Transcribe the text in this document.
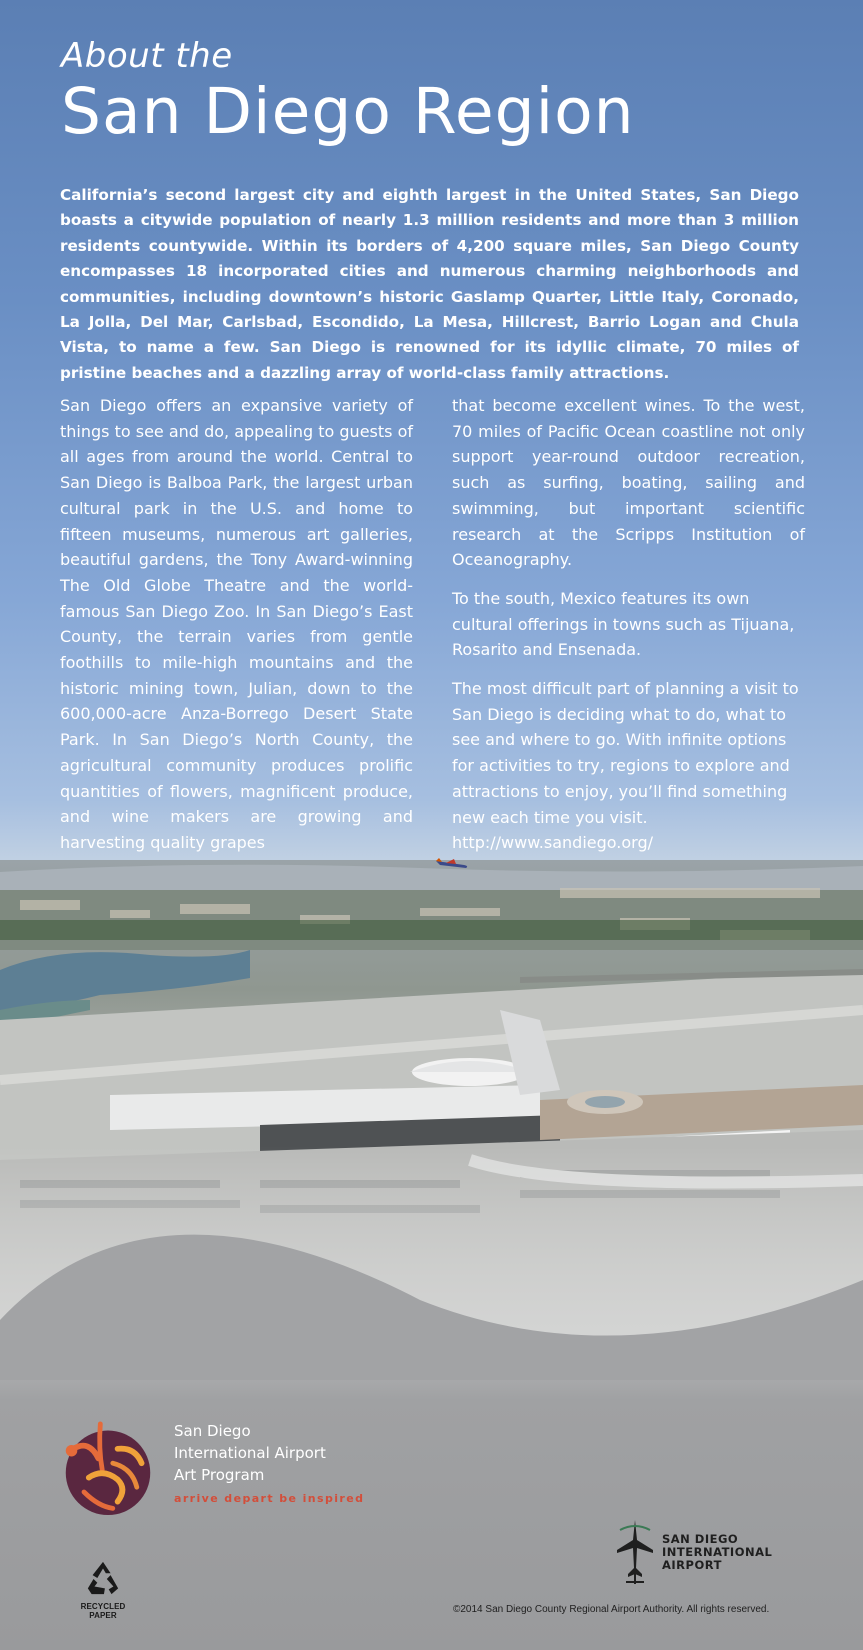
About the
San Diego Region
California’s second largest city and eighth largest in the United States, San Diego boasts a citywide population of nearly 1.3 million residents and more than 3 million residents countywide. Within its borders of 4,200 square miles, San Diego County encompasses 18 incorporated cities and numerous charming neighborhoods and communities, including downtown’s historic Gaslamp Quarter, Little Italy, Coronado, La Jolla, Del Mar, Carlsbad, Escondido, La Mesa, Hillcrest, Barrio Logan and Chula Vista, to name a few. San Diego is renowned for its idyllic climate, 70 miles of pristine beaches and a dazzling array of world-class family attractions.

San Diego offers an expansive variety of things to see and do, appealing to guests of all ages from around the world. Central to San Diego is Balboa Park, the largest urban cultural park in the U.S. and home to fifteen museums, numerous art galleries, beautiful gardens, the Tony Award-winning The Old Globe Theatre and the world-famous San Diego Zoo. In San Diego’s East County, the terrain varies from gentle foothills to mile-high mountains and the historic mining town, Julian, down to the 600,000-acre Anza-Borrego Desert State Park. In San Diego’s North County, the agricultural community produces prolific quantities of flowers, magnificent produce, and wine makers are growing and harvesting quality grapes

that become excellent wines. To the west, 70 miles of Pacific Ocean coastline not only support year-round outdoor recreation, such as surfing, boating, sailing and swimming, but important scientific research at the Scripps Institution of Oceanography.

To the south, Mexico features its own cultural offerings in towns such as Tijuana, Rosarito and Ensenada.

The most difficult part of planning a visit to San Diego is deciding what to do, what to see and where to go. With infinite options for activities to try, regions to explore and attractions to enjoy, you’ll find something new each time you visit.
http://www.sandiego.org/

San Diego
International Airport
Art Program
arrive depart be inspired
SAN DIEGO
INTERNATIONAL
AIRPORT
RECYCLED PAPER
©2014 San Diego County Regional Airport Authority. All rights reserved.
